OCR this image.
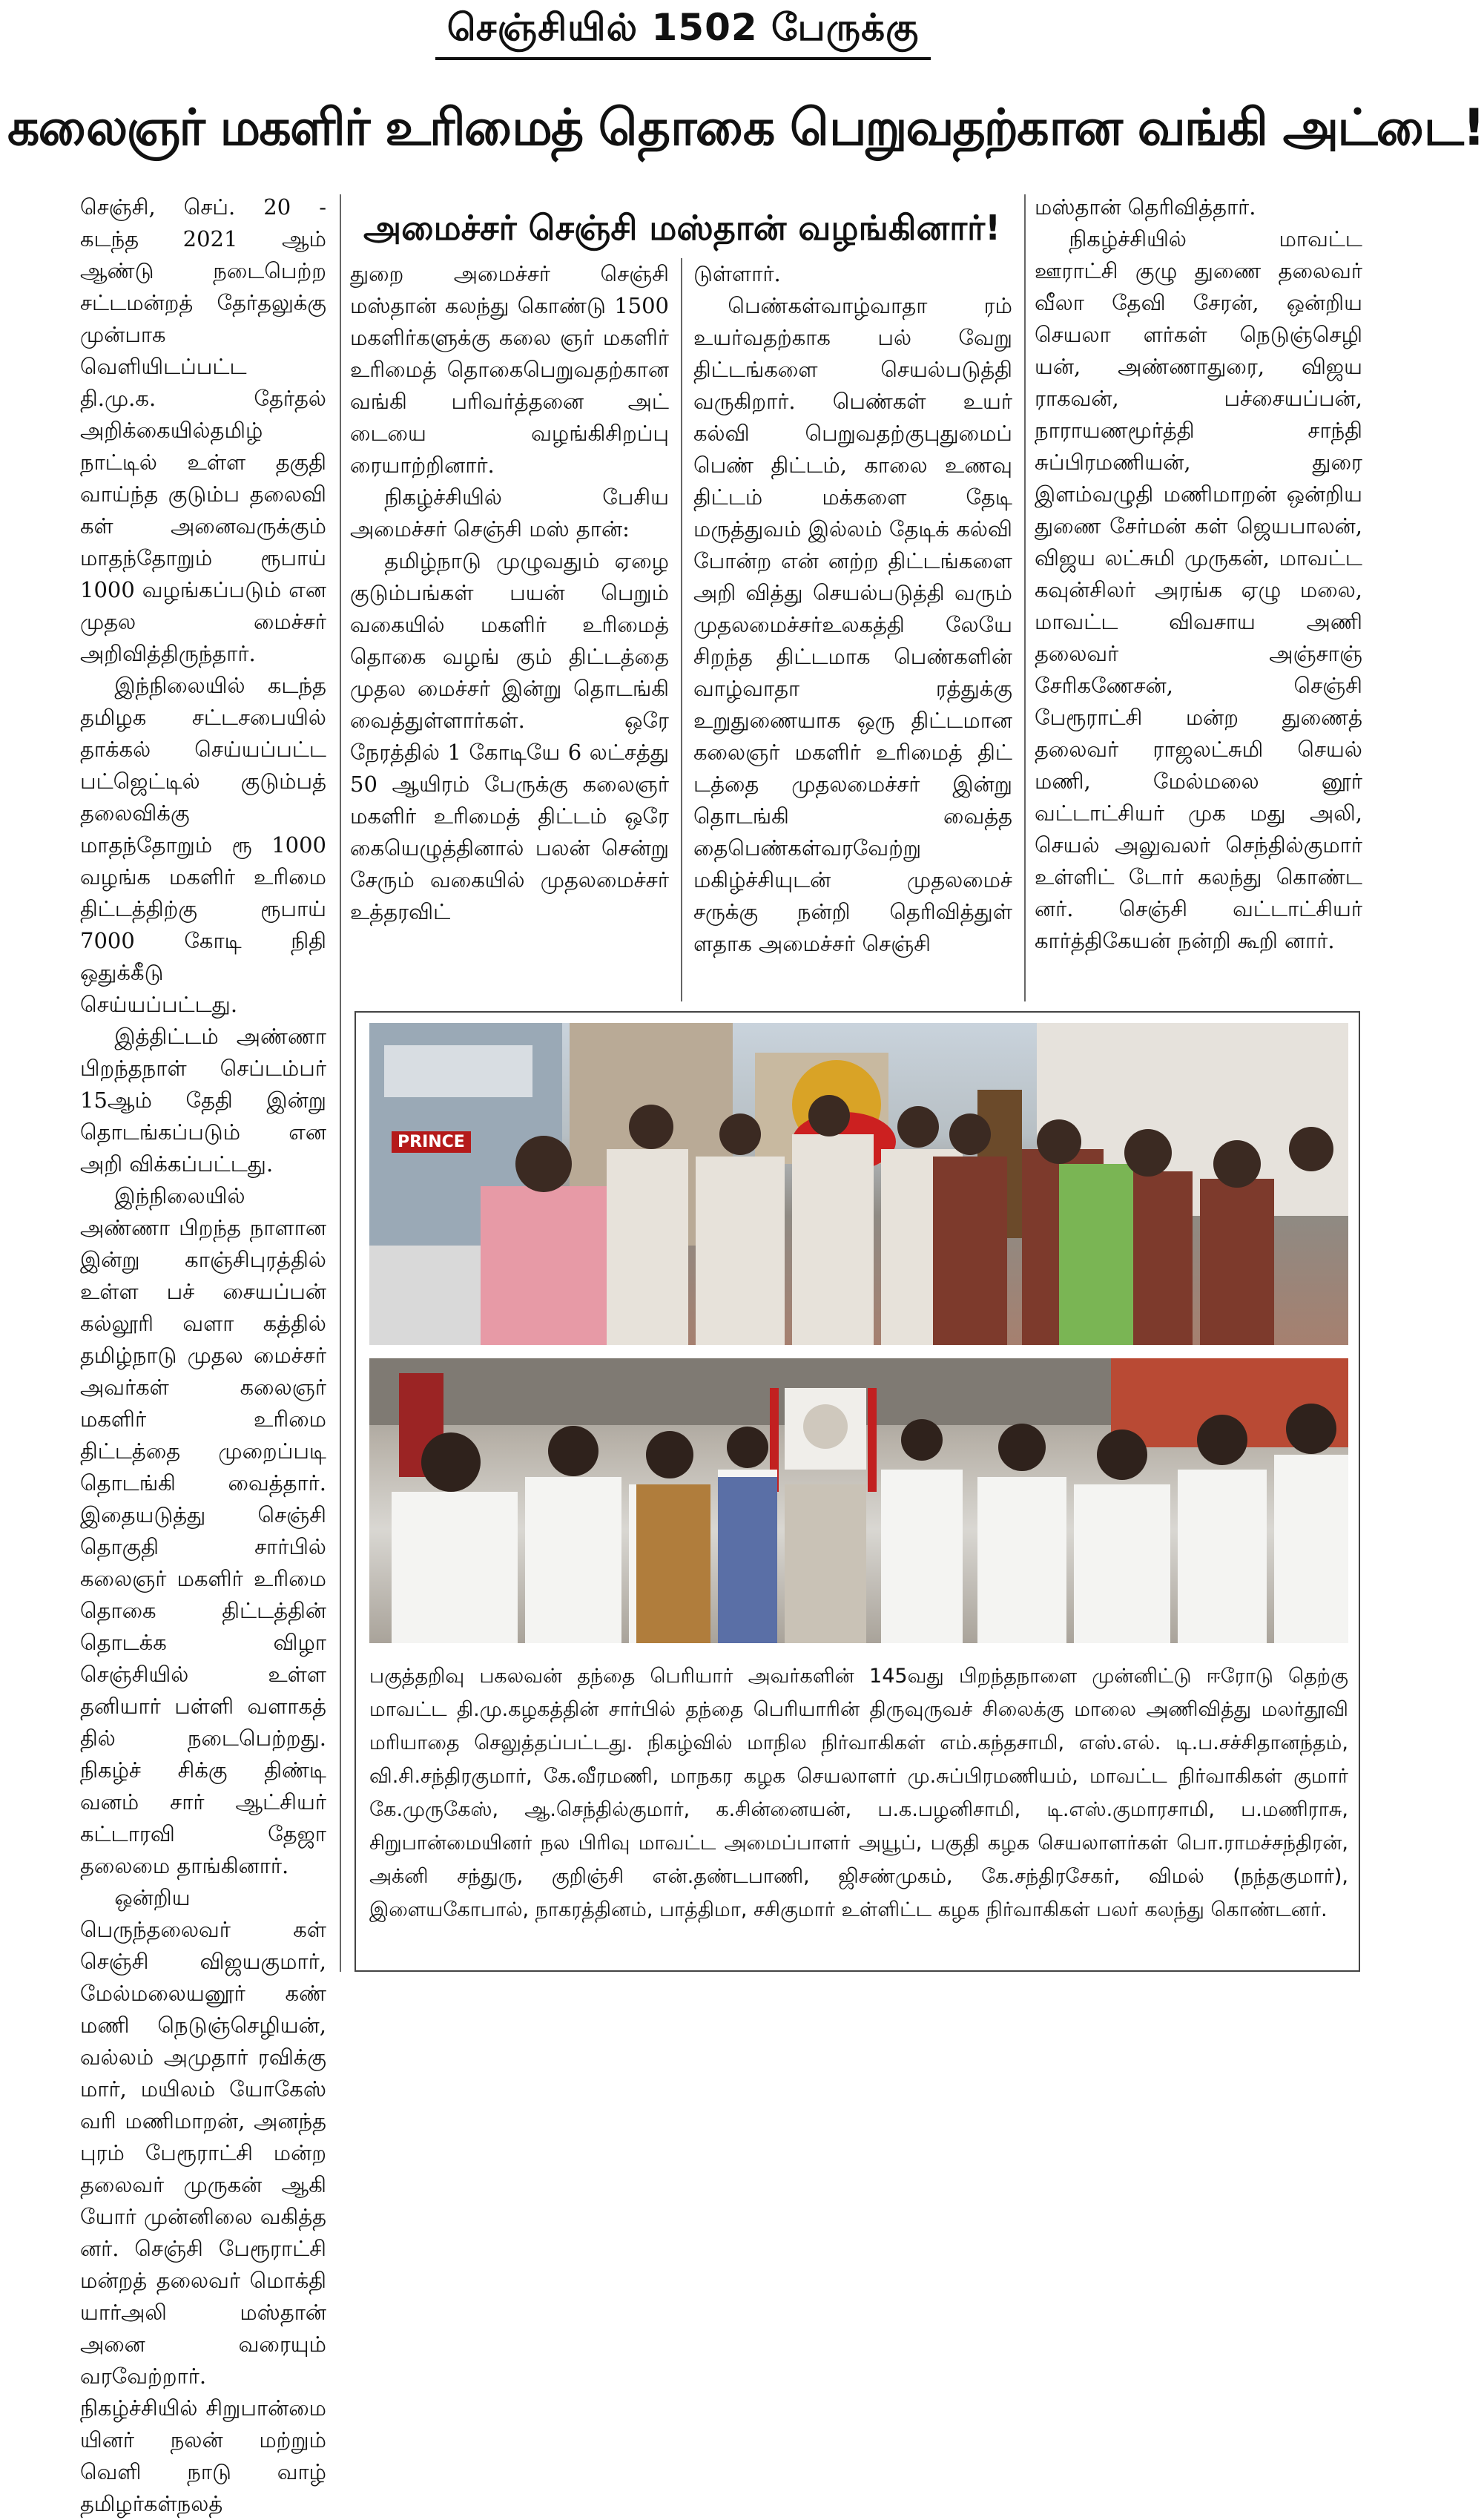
செஞ்சியில் 1502 பேருக்கு
கலைஞர் மகளிர் உரிமைத் தொகை பெறுவதற்கான வங்கி அட்டை!
அமைச்சர் செஞ்சி மஸ்தான் வழங்கினார்!

செஞ்சி, செப். 20 - கடந்த 2021 ஆம் ஆண்டு நடைபெற்ற சட்டமன்றத் தேர்தலுக்கு முன்பாக வெளியிடப்பட்ட தி.மு.க. தேர்தல் அறிக்கையில்தமிழ் நாட்டில் உள்ள தகுதி வாய்ந்த குடும்ப தலைவி கள் அனைவருக்கும் மாதந்தோறும் ரூபாய் 1000 வழங்கப்படும் என முதல மைச்சர் அறிவித்திருந்தார்.

இந்நிலையில் கடந்த தமிழக சட்டசபையில் தாக்கல் செய்யப்பட்ட பட்ஜெட்டில் குடும்பத் தலைவிக்கு மாதந்தோறும் ரூ 1000 வழங்க மகளிர் உரிமை திட்டத்திற்கு ரூபாய் 7000 கோடி நிதி ஒதுக்கீடு செய்யப்பட்டது.

இத்திட்டம் அண்ணா பிறந்தநாள் செப்டம்பர் 15ஆம் தேதி இன்று தொடங்கப்படும் என அறி விக்கப்பட்டது.

இந்நிலையில் அண்ணா பிறந்த நாளான இன்று காஞ்சிபுரத்தில் உள்ள பச் சையப்பன் கல்லூரி வளா கத்தில் தமிழ்நாடு முதல மைச்சர் அவர்கள் கலைஞர் மகளிர் உரிமை திட்டத்தை முறைப்படி தொடங்கி வைத்தார். இதையடுத்து செஞ்சி தொகுதி சார்பில் கலைஞர் மகளிர் உரிமை தொகை திட்டத்தின் தொடக்க விழா செஞ்சியில் உள்ள தனியார் பள்ளி வளாகத் தில் நடைபெற்றது. நிகழ்ச் சிக்கு திண்டி வனம் சார் ஆட்சியர் கட்டாரவி தேஜா தலைமை தாங்கினார்.

ஒன்றிய பெருந்தலைவர் கள் செஞ்சி விஜயகுமார், மேல்மலையனூர் கண் மணி நெடுஞ்செழியன், வல்லம் அமுதார் ரவிக்கு மார், மயிலம் யோகேஸ் வரி மணிமாறன், அனந்த புரம் பேரூராட்சி மன்ற தலைவர் முருகன் ஆகி யோர் முன்னிலை வகித்த னர். செஞ்சி பேரூராட்சி மன்றத் தலைவர் மொக்தி யார்அலி மஸ்தான் அனை வரையும் வரவேற்றார். நிகழ்ச்சியில் சிறுபான்மை யினர் நலன் மற்றும் வெளி நாடு வாழ் தமிழர்கள்நலத்

துறை அமைச்சர் செஞ்சி மஸ்தான் கலந்து கொண்டு 1500 மகளிர்களுக்கு கலை ஞர் மகளிர் உரிமைத் தொகைபெறுவதற்கான வங்கி பரிவர்த்தனை அட் டையை வழங்கிசிறப்பு ரையாற்றினார்.

நிகழ்ச்சியில் பேசிய அமைச்சர் செஞ்சி மஸ் தான்:

தமிழ்நாடு முழுவதும் ஏழை குடும்பங்கள் பயன் பெறும் வகையில் மகளிர் உரிமைத் தொகை வழங் கும் திட்டத்தை முதல மைச்சர் இன்று தொடங்கி வைத்துள்ளார்கள். ஒரே நேரத்தில் 1 கோடியே 6 லட்சத்து 50 ஆயிரம் பேருக்கு கலைஞர் மகளிர் உரிமைத் திட்டம் ஒரே கையெழுத்தினால் பலன் சென்று சேரும் வகையில் முதலமைச்சர் உத்தரவிட்

டுள்ளார்.

பெண்கள்வாழ்வாதா ரம் உயர்வதற்காக பல் வேறு திட்டங்களை செயல்படுத்தி வருகிறார். பெண்கள் உயர் கல்வி பெறுவதற்குபுதுமைப் பெண் திட்டம், காலை உணவு திட்டம் மக்களை தேடி மருத்துவம் இல்லம் தேடிக் கல்வி போன்ற என் னற்ற திட்டங்களை அறி வித்து செயல்படுத்தி வரும் முதலமைச்சர்உலகத்தி லேயே சிறந்த திட்டமாக பெண்களின் வாழ்வாதா ரத்துக்கு உறுதுணையாக ஒரு திட்டமான கலைஞர் மகளிர் உரிமைத் திட் டத்தை முதலமைச்சர் இன்று தொடங்கி வைத்த தைபெண்கள்வரவேற்று மகிழ்ச்சியுடன் முதலமைச் சருக்கு நன்றி தெரிவித்துள் ளதாக அமைச்சர் செஞ்சி

மஸ்தான் தெரிவித்தார்.

நிகழ்ச்சியில் மாவட்ட ஊராட்சி குழு துணை தலைவர் வீலா தேவி சேரன், ஒன்றிய செயலா ளர்கள் நெடுஞ்செழி யன், அண்ணாதுரை, விஜய ராகவன், பச்சையப்பன், நாராயணமூர்த்தி சாந்தி சுப்பிரமணியன், துரை இளம்வழுதி மணிமாறன் ஒன்றிய துணை சேர்மன் கள் ஜெயபாலன், விஜய லட்சுமி முருகன், மாவட்ட கவுன்சிலர் அரங்க ஏழு மலை, மாவட்ட விவசாய அணி தலைவர் அஞ்சாஞ் சேரிகணேசன், செஞ்சி பேரூராட்சி மன்ற துணைத் தலைவர் ராஜலட்சுமி செயல் மணி, மேல்மலை னூர் வட்டாட்சியர் முக மது அலி, செயல் அலுவலர் செந்தில்குமார் உள்ளிட் டோர் கலந்து கொண்ட னர். செஞ்சி வட்டாட்சியர் கார்த்திகேயன் நன்றி கூறி னார்.

PRINCE
பகுத்தறிவு பகலவன் தந்தை பெரியார் அவர்களின் 145வது பிறந்தநாளை முன்னிட்டு ஈரோடு தெற்கு மாவட்ட தி.மு.கழகத்தின் சார்பில் தந்தை பெரியாரின் திருவுருவச் சிலைக்கு மாலை அணிவித்து மலர்தூவி மரியாதை செலுத்தப்பட்டது. நிகழ்வில் மாநில நிர்வாகிகள் எம்.கந்தசாமி, எஸ்.எல். டி.ப.சச்சிதானந்தம், வி.சி.சந்திரகுமார், கே.வீரமணி, மாநகர கழக செயலாளர் மு.சுப்பிரமணியம், மாவட்ட நிர்வாகிகள் குமார் கே.முருகேஸ், ஆ.செந்தில்குமார், க.சின்னையன், ப.க.பழனிசாமி, டி.எஸ்.குமாரசாமி, ப.மணிராசு, சிறுபான்மையினர் நல பிரிவு மாவட்ட அமைப்பாளர் அயூப், பகுதி கழக செயலாளர்கள் பொ.ராமச்சந்திரன், அக்னி சந்துரு, குறிஞ்சி என்.தண்டபாணி, ஜிசண்முகம், கே.சந்திரசேகர், விமல் (நந்தகுமார்), இளையகோபால், நாகரத்தினம், பாத்திமா, சசிகுமார் உள்ளிட்ட கழக நிர்வாகிகள் பலர் கலந்து கொண்டனர்.
